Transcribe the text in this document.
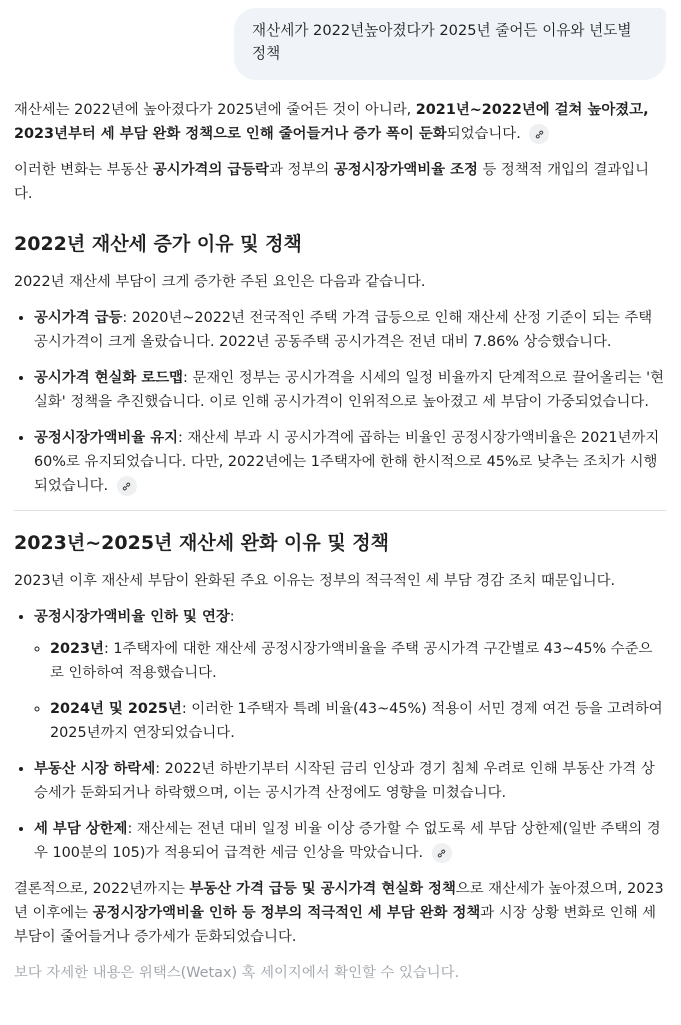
재산세가 2022년높아졌다가 2025년 줄어든 이유와 년도별 정책

재산세는 2022년에 높아졌다가 2025년에 줄어든 것이 아니라, 2021년~2022년에 걸쳐 높아졌고, 2023년부터 세 부담 완화 정책으로 인해 줄어들거나 증가 폭이 둔화되었습니다.

이러한 변화는 부동산 공시가격의 급등락과 정부의 공정시장가액비율 조정 등 정책적 개입의 결과입니다.

2022년 재산세 증가 이유 및 정책

2022년 재산세 부담이 크게 증가한 주된 요인은 다음과 같습니다.

• 공시가격 급등: 2020년~2022년 전국적인 주택 가격 급등으로 인해 재산세 산정 기준이 되는 주택 공시가격이 크게 올랐습니다. 2022년 공동주택 공시가격은 전년 대비 7.86% 상승했습니다.
• 공시가격 현실화 로드맵: 문재인 정부는 공시가격을 시세의 일정 비율까지 단계적으로 끌어올리는 '현실화' 정책을 추진했습니다. 이로 인해 공시가격이 인위적으로 높아졌고 세 부담이 가중되었습니다.
• 공정시장가액비율 유지: 재산세 부과 시 공시가격에 곱하는 비율인 공정시장가액비율은 2021년까지 60%로 유지되었습니다. 다만, 2022년에는 1주택자에 한해 한시적으로 45%로 낮추는 조치가 시행되었습니다.
2023년~2025년 재산세 완화 이유 및 정책

2023년 이후 재산세 부담이 완화된 주요 이유는 정부의 적극적인 세 부담 경감 조치 때문입니다.

• 공정시장가액비율 인하 및 연장:
◦ 2023년: 1주택자에 대한 재산세 공정시장가액비율을 주택 공시가격 구간별로 43~45% 수준으로 인하하여 적용했습니다.
◦ 2024년 및 2025년: 이러한 1주택자 특례 비율(43~45%) 적용이 서민 경제 여건 등을 고려하여 2025년까지 연장되었습니다.
• 부동산 시장 하락세: 2022년 하반기부터 시작된 금리 인상과 경기 침체 우려로 인해 부동산 가격 상승세가 둔화되거나 하락했으며, 이는 공시가격 산정에도 영향을 미쳤습니다.
• 세 부담 상한제: 재산세는 전년 대비 일정 비율 이상 증가할 수 없도록 세 부담 상한제(일반 주택의 경우 100분의 105)가 적용되어 급격한 세금 인상을 막았습니다.

결론적으로, 2022년까지는 부동산 가격 급등 및 공시가격 현실화 정책으로 재산세가 높아졌으며, 2023년 이후에는 공정시장가액비율 인하 등 정부의 적극적인 세 부담 완화 정책과 시장 상황 변화로 인해 세 부담이 줄어들거나 증가세가 둔화되었습니다.

보다 자세한 내용은 위택스(Wetax) 혹 세이지에서 확인할 수 있습니다.
